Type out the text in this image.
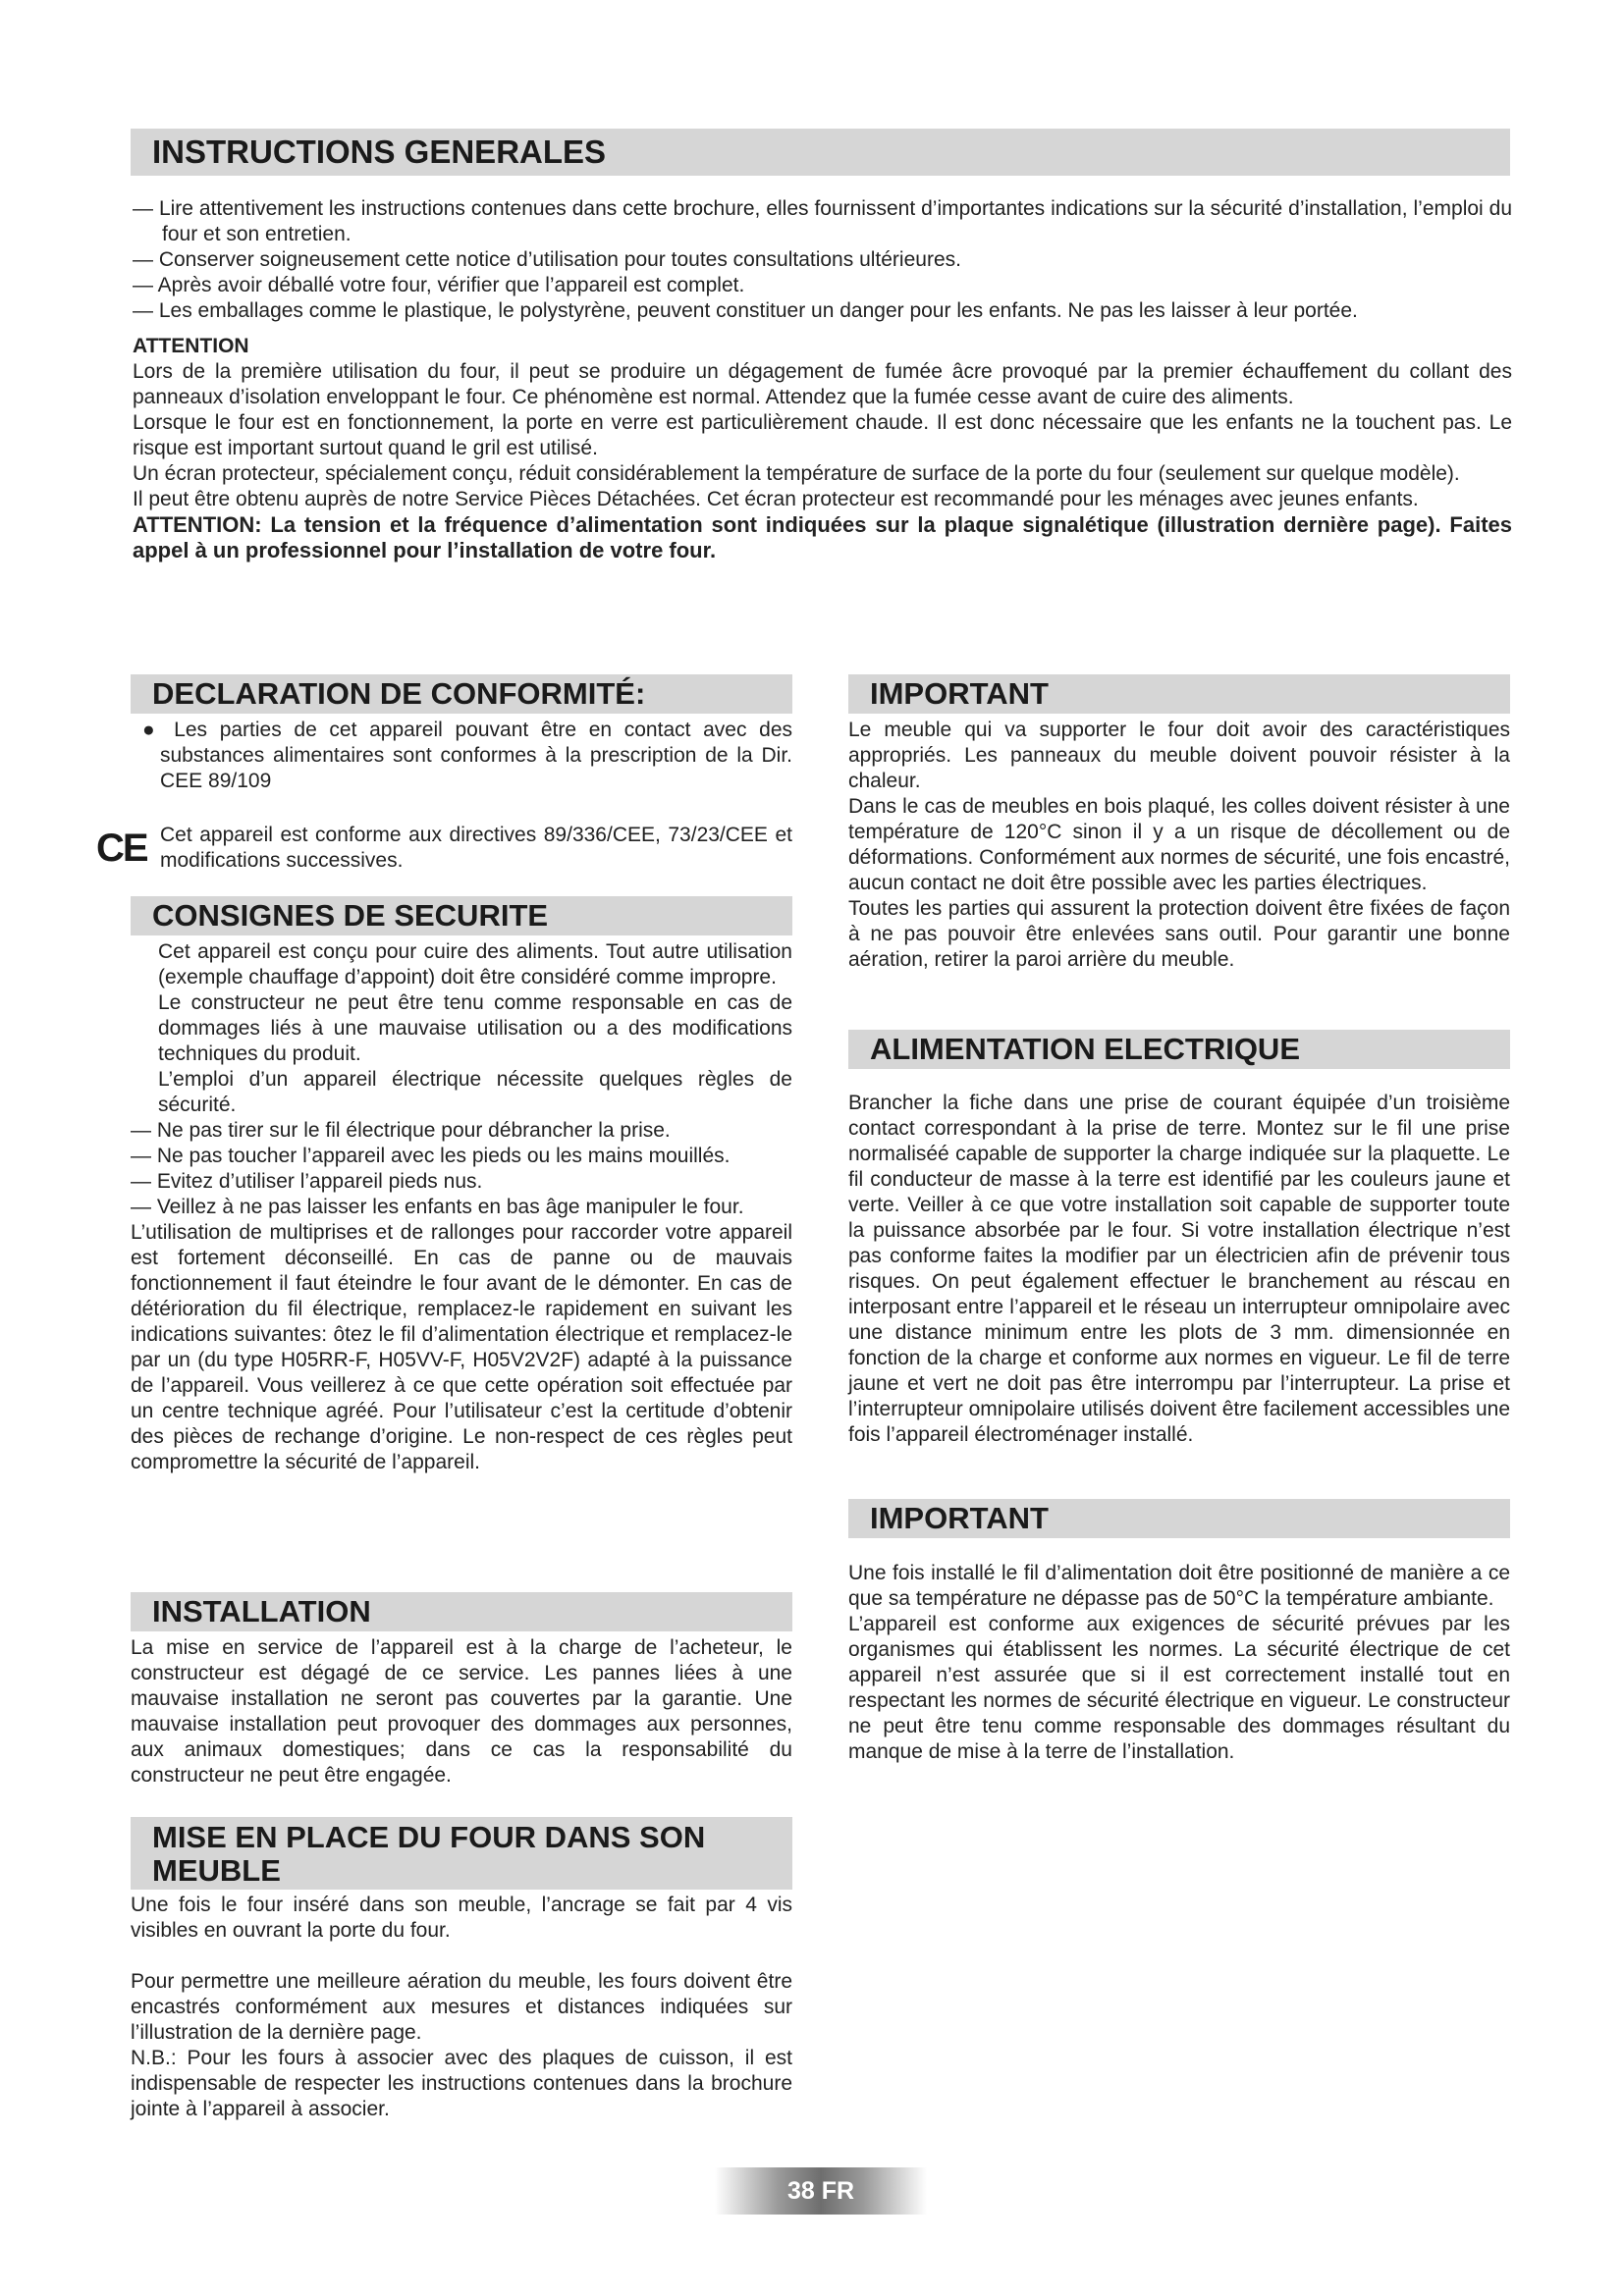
INSTRUCTIONS GENERALES

— Lire attentivement les instructions contenues dans cette brochure, elles fournissent d’importantes indications sur la sécurité d’installation, l’emploi du four et son entretien.

— Conserver soigneusement cette notice d’utilisation pour toutes consultations ultérieures.

— Après avoir déballé votre four, vérifier que l’appareil est complet.

— Les emballages comme le plastique, le polystyrène, peuvent constituer un danger pour les enfants. Ne pas les laisser à leur portée.

ATTENTION

Lors de la première utilisation du four, il peut se produire un dégagement de fumée âcre provoqué par la premier échauffement du collant des panneaux d’isolation enveloppant le four. Ce phénomène est normal. Attendez que la fumée cesse avant de cuire des aliments.

Lorsque le four est en fonctionnement, la porte en verre est particulièrement chaude. Il est donc nécessaire que les enfants ne la touchent pas. Le risque est important surtout quand le gril est utilisé.

Un écran protecteur, spécialement conçu, réduit considérablement la température de surface de la porte du four (seulement sur quelque modèle).

Il peut être obtenu auprès de notre Service Pièces Détachées. Cet écran protecteur est recommandé pour les ménages avec jeunes enfants.

ATTENTION: La tension et la fréquence d’alimentation sont indiquées sur la plaque signalétique (illustration dernière page). Faites appel à un professionnel pour l’installation de votre four.

DECLARATION DE CONFORMITÉ:

● Les parties de cet appareil pouvant être en contact avec des substances alimentaires sont conformes à la prescription de la Dir. CEE 89/109

CE Cet appareil est conforme aux directives 89/336/CEE, 73/23/CEE et modifications successives.
CONSIGNES DE SECURITE

Cet appareil est conçu pour cuire des aliments. Tout autre utilisation (exemple chauffage d’appoint) doit être considéré comme impropre.

Le constructeur ne peut être tenu comme responsable en cas de dommages liés à une mauvaise utilisation ou a des modifications techniques du produit.

L’emploi d’un appareil électrique nécessite quelques règles de sécurité.

— Ne pas tirer sur le fil électrique pour débrancher la prise.

— Ne pas toucher l’appareil avec les pieds ou les mains mouillés.

— Evitez d’utiliser l’appareil pieds nus.

— Veillez à ne pas laisser les enfants en bas âge manipuler le four.

L’utilisation de multiprises et de rallonges pour raccorder votre appareil est fortement déconseillé. En cas de panne ou de mauvais fonctionnement il faut éteindre le four avant de le démonter. En cas de détérioration du fil électrique, remplacez-le rapidement en suivant les indications suivantes: ôtez le fil d’alimentation électrique et remplacez-le par un (du type H05RR-F, H05VV-F, H05V2V2F) adapté à la puissance de l’appareil. Vous veillerez à ce que cette opération soit effectuée par un centre technique agréé. Pour l’utilisateur c’est la certitude d’obtenir des pièces de rechange d’origine. Le non-respect de ces règles peut compromettre la sécurité de l’appareil.

INSTALLATION
La mise en service de l’appareil est à la charge de l’acheteur, le constructeur est dégagé de ce service. Les pannes liées à une mauvaise installation ne seront pas couvertes par la garantie. Une mauvaise installation peut provoquer des dommages aux personnes, aux animaux domestiques; dans ce cas la responsabilité du constructeur ne peut être engagée.
MISE EN PLACE DU FOUR DANS SON
MEUBLE

Une fois le four inséré dans son meuble, l’ancrage se fait par 4 vis visibles en ouvrant la porte du four.

Pour permettre une meilleure aération du meuble, les fours doivent être encastrés conformément aux mesures et distances indiquées sur l’illustration de la dernière page.

N.B.: Pour les fours à associer avec des plaques de cuisson, il est indispensable de respecter les instructions contenues dans la brochure jointe à l’appareil à associer.

IMPORTANT

Le meuble qui va supporter le four doit avoir des caractéristiques appropriés. Les panneaux du meuble doivent pouvoir résister à la chaleur.

Dans le cas de meubles en bois plaqué, les colles doivent résister à une température de 120°C sinon il y a un risque de décollement ou de déformations. Conformément aux normes de sécurité, une fois encastré, aucun contact ne doit être possible avec les parties électriques.

Toutes les parties qui assurent la protection doivent être fixées de façon à ne pas pouvoir être enlevées sans outil. Pour garantir une bonne aération, retirer la paroi arrière du meuble.

ALIMENTATION ELECTRIQUE
Brancher la fiche dans une prise de courant équipée d’un troisième contact correspondant à la prise de terre. Montez sur le fil une prise normaliséé capable de supporter la charge indiquée sur la plaquette. Le fil conducteur de masse à la terre est identifié par les couleurs jaune et verte. Veiller à ce que votre installation soit capable de supporter toute la puissance absorbée par le four. Si votre installation électrique n’est pas conforme faites la modifier par un électricien afin de prévenir tous risques. On peut également effectuer le branchement au réscau en interposant entre l’appareil et le réseau un interrupteur omnipolaire avec une distance minimum entre les plots de 3 mm. dimensionnée en fonction de la charge et conforme aux normes en vigueur. Le fil de terre jaune et vert ne doit pas être interrompu par l’interrupteur. La prise et l’interrupteur omnipolaire utilisés doivent être facilement accessibles une fois l’appareil électroménager installé.
IMPORTANT

Une fois installé le fil d’alimentation doit être positionné de manière a ce que sa température ne dépasse pas de 50°C la température ambiante.

L’appareil est conforme aux exigences de sécurité prévues par les organismes qui établissent les normes. La sécurité électrique de cet appareil n’est assurée que si il est correctement installé tout en respectant les normes de sécurité électrique en vigueur. Le constructeur ne peut être tenu comme responsable des dommages résultant du manque de mise à la terre de l’installation.

38 FR
